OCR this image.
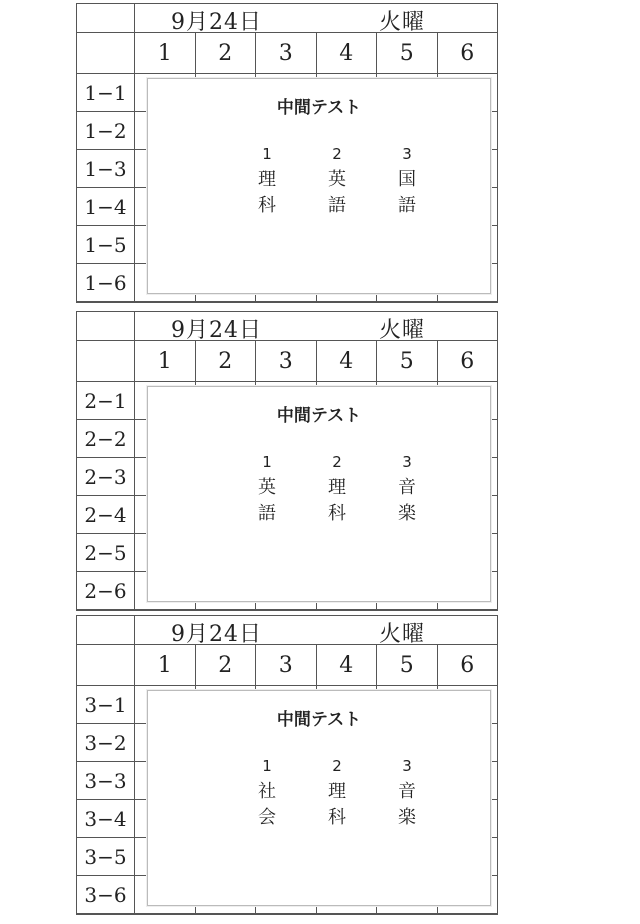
9月24日	火曜
1	2	3	4	5	6
1−1
1−2
1−3
1−4
1−5
1−6
中間テスト
1
理
科
2
英
語
3
国
語
9月24日	火曜
1	2	3	4	5	6
2−1
2−2
2−3
2−4
2−5
2−6
中間テスト
1
英
語
2
理
科
3
音
楽
9月24日	火曜
1	2	3	4	5	6
3−1
3−2
3−3
3−4
3−5
3−6
中間テスト
1
社
会
2
理
科
3
音
楽
